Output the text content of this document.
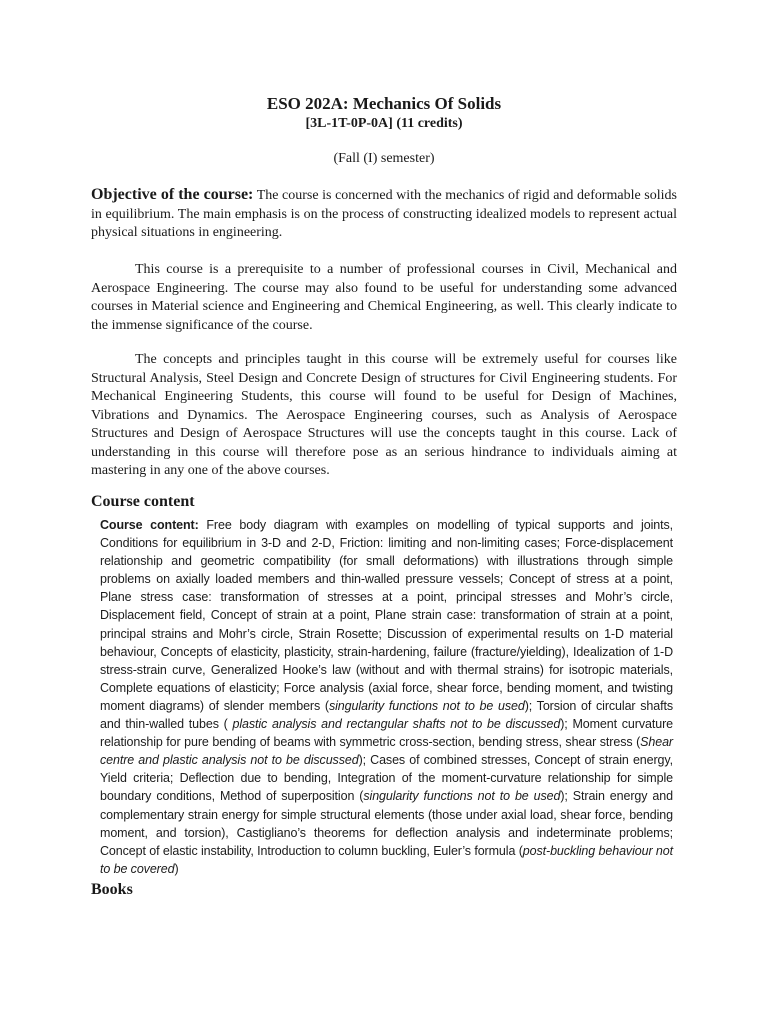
ESO 202A: Mechanics Of Solids
[3L-1T-0P-0A] (11 credits)
(Fall (I) semester)

Objective of the course: The course is concerned with the mechanics of rigid and deformable solids in equilibrium. The main emphasis is on the process of constructing idealized models to represent actual physical situations in engineering.

This course is a prerequisite to a number of professional courses in Civil, Mechanical and Aerospace Engineering. The course may also found to be useful for understanding some advanced courses in Material science and Engineering and Chemical Engineering, as well. This clearly indicate to the immense significance of the course.

The concepts and principles taught in this course will be extremely useful for courses like Structural Analysis, Steel Design and Concrete Design of structures for Civil Engineering students. For Mechanical Engineering Students, this course will found to be useful for Design of Machines, Vibrations and Dynamics. The Aerospace Engineering courses, such as Analysis of Aerospace Structures and Design of Aerospace Structures will use the concepts taught in this course. Lack of understanding in this course will therefore pose as an serious hindrance to individuals aiming at mastering in any one of the above courses.

Course content
Course content: Free body diagram with examples on modelling of typical supports and joints, Conditions for equilibrium in 3-D and 2-D, Friction: limiting and non-limiting cases; Force-displacement relationship and geometric compatibility (for small deformations) with illustrations through simple problems on axially loaded members and thin-walled pressure vessels; Concept of stress at a point, Plane stress case: transformation of stresses at a point, principal stresses and Mohr’s circle, Displacement field, Concept of strain at a point, Plane strain case: transformation of strain at a point, principal strains and Mohr’s circle, Strain Rosette; Discussion of experimental results on 1-D material behaviour, Concepts of elasticity, plasticity, strain-hardening, failure (fracture/yielding), Idealization of 1-D stress-strain curve, Generalized Hooke’s law (without and with thermal strains) for isotropic materials, Complete equations of elasticity; Force analysis (axial force, shear force, bending moment, and twisting moment diagrams) of slender members (singularity functions not to be used); Torsion of circular shafts and thin-walled tubes ( plastic analysis and rectangular shafts not to be discussed); Moment curvature relationship for pure bending of beams with symmetric cross-section, bending stress, shear stress (Shear centre and plastic analysis not to be discussed); Cases of combined stresses, Concept of strain energy, Yield criteria; Deflection due to bending, Integration of the moment-curvature relationship for simple boundary conditions, Method of superposition (singularity functions not to be used); Strain energy and complementary strain energy for simple structural elements (those under axial load, shear force, bending moment, and torsion), Castigliano’s theorems for deflection analysis and indeterminate problems; Concept of elastic instability, Introduction to column buckling, Euler’s formula (post-buckling behaviour not to be covered)
Books
